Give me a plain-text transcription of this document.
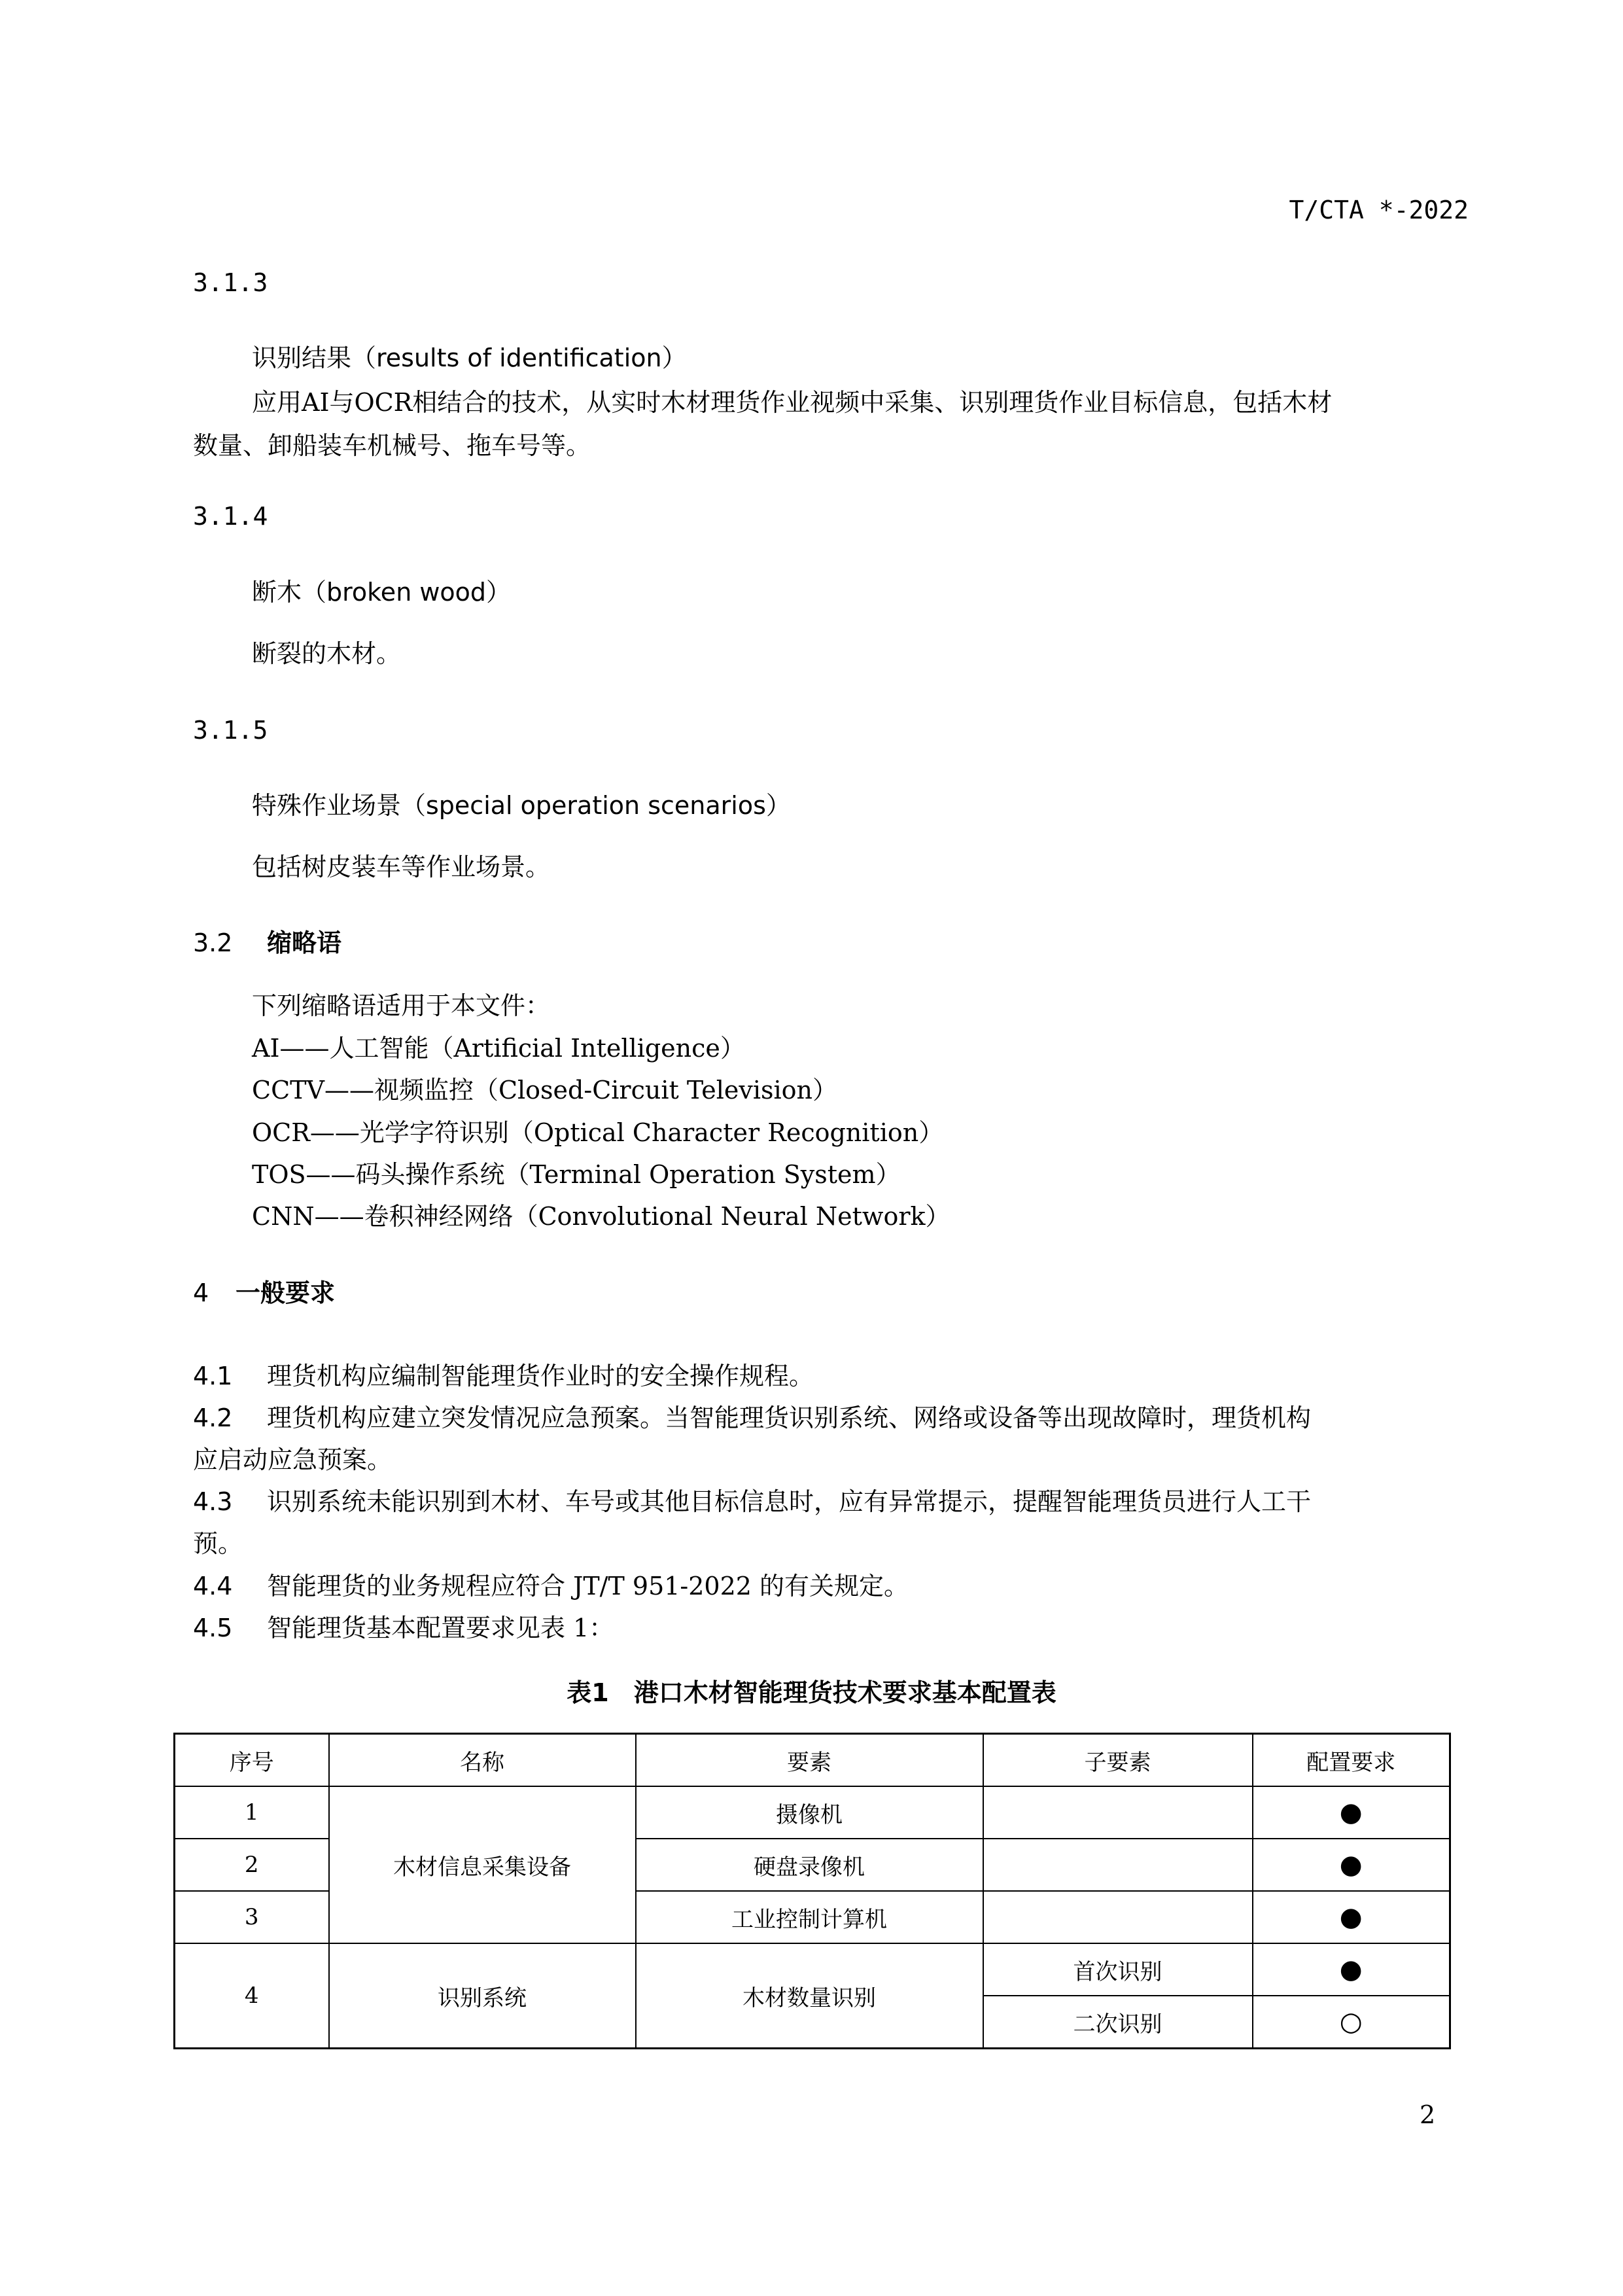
T/CTA *-2022
3.1.3
识别结果（results of identification）
应用AI与OCR相结合的技术，从实时木材理货作业视频中采集、识别理货作业目标信息，包括木材
数量、卸船装车机械号、拖车号等。
3.1.4
断木（broken wood）
断裂的木材。
3.1.5
特殊作业场景（special operation scenarios）
包括树皮装车等作业场景。
3.2 缩略语
下列缩略语适用于本文件：
AI——人工智能（Artificial Intelligence）
CCTV——视频监控（Closed-Circuit Television）
OCR——光学字符识别（Optical Character Recognition）
TOS——码头操作系统（Terminal Operation System）
CNN——卷积神经网络（Convolutional Neural Network）
4 一般要求
4.1 理货机构应编制智能理货作业时的安全操作规程。
4.2 理货机构应建立突发情况应急预案。当智能理货识别系统、网络或设备等出现故障时，理货机构
应启动应急预案。
4.3 识别系统未能识别到木材、车号或其他目标信息时，应有异常提示，提醒智能理货员进行人工干
预。
4.4 智能理货的业务规程应符合 JT/T 951-2022 的有关规定。
4.5 智能理货基本配置要求见表 1：
表1　港口木材智能理货技术要求基本配置表
序号	名称	要素	子要素	配置要求
1	木材信息采集设备	摄像机		●
2		硬盘录像机		●
3		工业控制计算机		●
4	识别系统	木材数量识别	首次识别	●
			二次识别	○
2
